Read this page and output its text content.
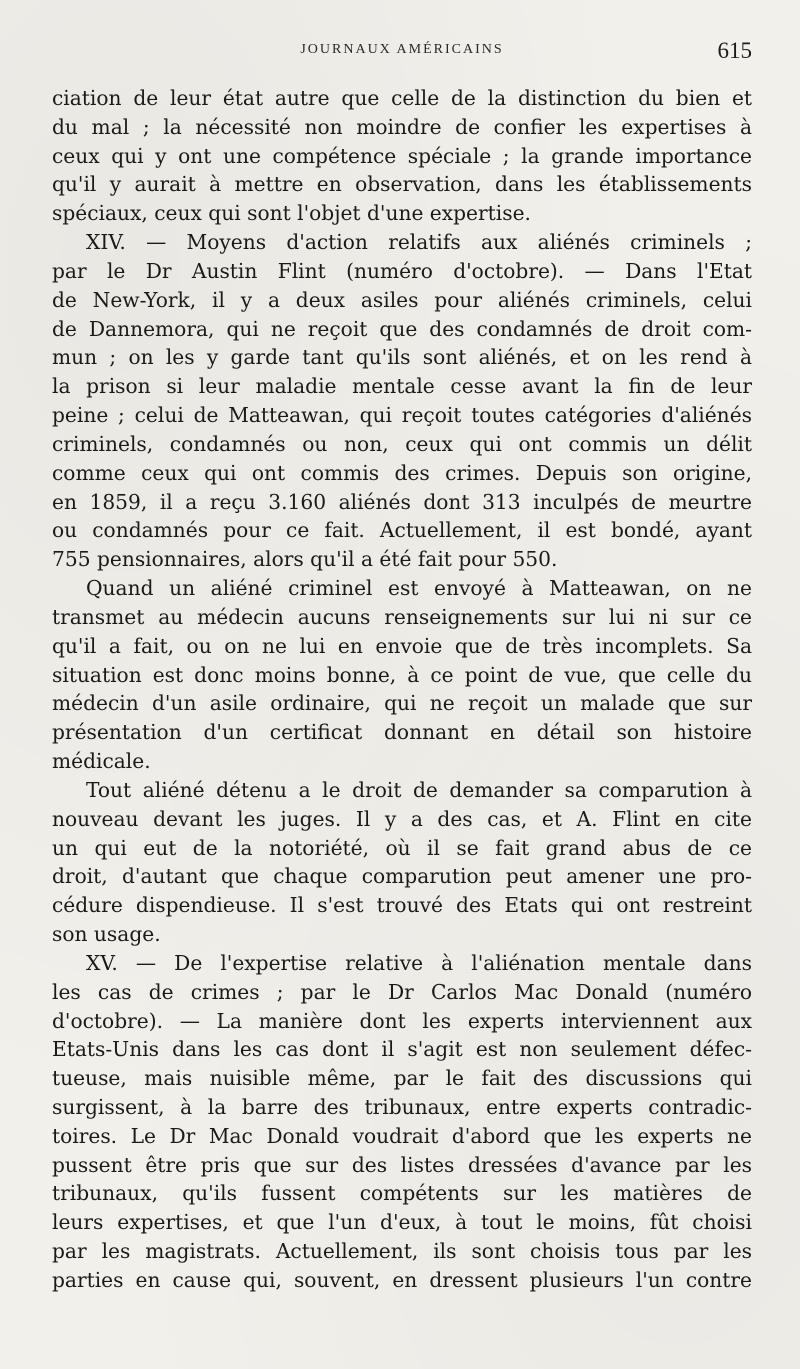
JOURNAUX AMÉRICAINS	615
ciation de leur état autre que celle de la distinction du bien et
du mal ; la nécessité non moindre de confier les expertises à
ceux qui y ont une compétence spéciale ; la grande importance
qu'il y aurait à mettre en observation, dans les établissements
spéciaux, ceux qui sont l'objet d'une expertise.
XIV. — Moyens d'action relatifs aux aliénés criminels ;
par le Dr Austin Flint (numéro d'octobre). — Dans l'Etat
de New-York, il y a deux asiles pour aliénés criminels, celui
de Dannemora, qui ne reçoit que des condamnés de droit com-
mun ; on les y garde tant qu'ils sont aliénés, et on les rend à
la prison si leur maladie mentale cesse avant la fin de leur
peine ; celui de Matteawan, qui reçoit toutes catégories d'aliénés
criminels, condamnés ou non, ceux qui ont commis un délit
comme ceux qui ont commis des crimes. Depuis son origine,
en 1859, il a reçu 3.160 aliénés dont 313 inculpés de meurtre
ou condamnés pour ce fait. Actuellement, il est bondé, ayant
755 pensionnaires, alors qu'il a été fait pour 550.
Quand un aliéné criminel est envoyé à Matteawan, on ne
transmet au médecin aucuns renseignements sur lui ni sur ce
qu'il a fait, ou on ne lui en envoie que de très incomplets. Sa
situation est donc moins bonne, à ce point de vue, que celle du
médecin d'un asile ordinaire, qui ne reçoit un malade que sur
présentation d'un certificat donnant en détail son histoire
médicale.
Tout aliéné détenu a le droit de demander sa comparution à
nouveau devant les juges. Il y a des cas, et A. Flint en cite
un qui eut de la notoriété, où il se fait grand abus de ce
droit, d'autant que chaque comparution peut amener une pro-
cédure dispendieuse. Il s'est trouvé des Etats qui ont restreint
son usage.
XV. — De l'expertise relative à l'aliénation mentale dans
les cas de crimes ; par le Dr Carlos Mac Donald (numéro
d'octobre). — La manière dont les experts interviennent aux
Etats-Unis dans les cas dont il s'agit est non seulement défec-
tueuse, mais nuisible même, par le fait des discussions qui
surgissent, à la barre des tribunaux, entre experts contradic-
toires. Le Dr Mac Donald voudrait d'abord que les experts ne
pussent être pris que sur des listes dressées d'avance par les
tribunaux, qu'ils fussent compétents sur les matières de
leurs expertises, et que l'un d'eux, à tout le moins, fût choisi
par les magistrats. Actuellement, ils sont choisis tous par les
parties en cause qui, souvent, en dressent plusieurs l'un contre
